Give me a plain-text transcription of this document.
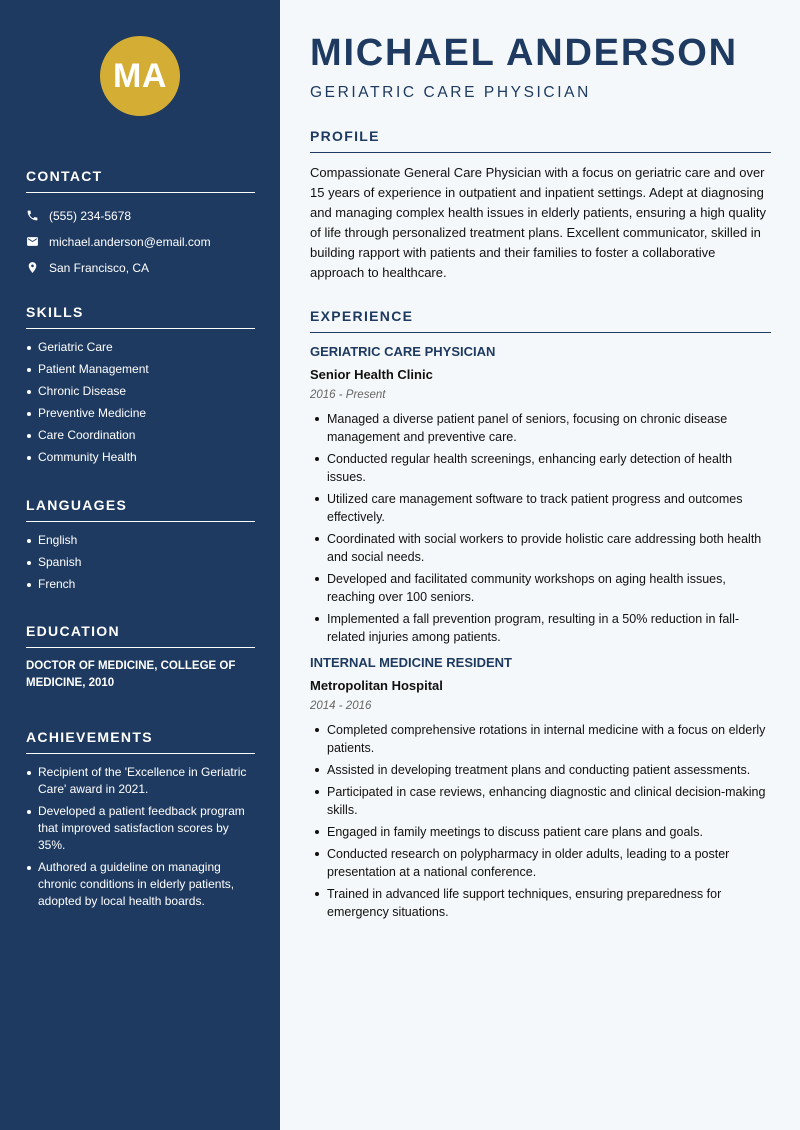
MA
CONTACT
(555) 234-5678
michael.anderson@email.com
San Francisco, CA
SKILLS
Geriatric Care
Patient Management
Chronic Disease
Preventive Medicine
Care Coordination
Community Health
LANGUAGES
English
Spanish
French
EDUCATION

DOCTOR OF MEDICINE, COLLEGE OF MEDICINE, 2010

ACHIEVEMENTS
Recipient of the 'Excellence in Geriatric Care' award in 2021.
Developed a patient feedback program that improved satisfaction scores by 35%.
Authored a guideline on managing chronic conditions in elderly patients, adopted by local health boards.
MICHAEL ANDERSON
GERIATRIC CARE PHYSICIAN
PROFILE

Compassionate General Care Physician with a focus on geriatric care and over 15 years of experience in outpatient and inpatient settings. Adept at diagnosing and managing complex health issues in elderly patients, ensuring a high quality of life through personalized treatment plans. Excellent communicator, skilled in building rapport with patients and their families to foster a collaborative approach to healthcare.

EXPERIENCE
GERIATRIC CARE PHYSICIAN
Senior Health Clinic
2016 - Present
Managed a diverse patient panel of seniors, focusing on chronic disease management and preventive care.
Conducted regular health screenings, enhancing early detection of health issues.
Utilized care management software to track patient progress and outcomes effectively.
Coordinated with social workers to provide holistic care addressing both health and social needs.
Developed and facilitated community workshops on aging health issues, reaching over 100 seniors.
Implemented a fall prevention program, resulting in a 50% reduction in fall-related injuries among patients.
INTERNAL MEDICINE RESIDENT
Metropolitan Hospital
2014 - 2016
Completed comprehensive rotations in internal medicine with a focus on elderly patients.
Assisted in developing treatment plans and conducting patient assessments.
Participated in case reviews, enhancing diagnostic and clinical decision-making skills.
Engaged in family meetings to discuss patient care plans and goals.
Conducted research on polypharmacy in older adults, leading to a poster presentation at a national conference.
Trained in advanced life support techniques, ensuring preparedness for emergency situations.
